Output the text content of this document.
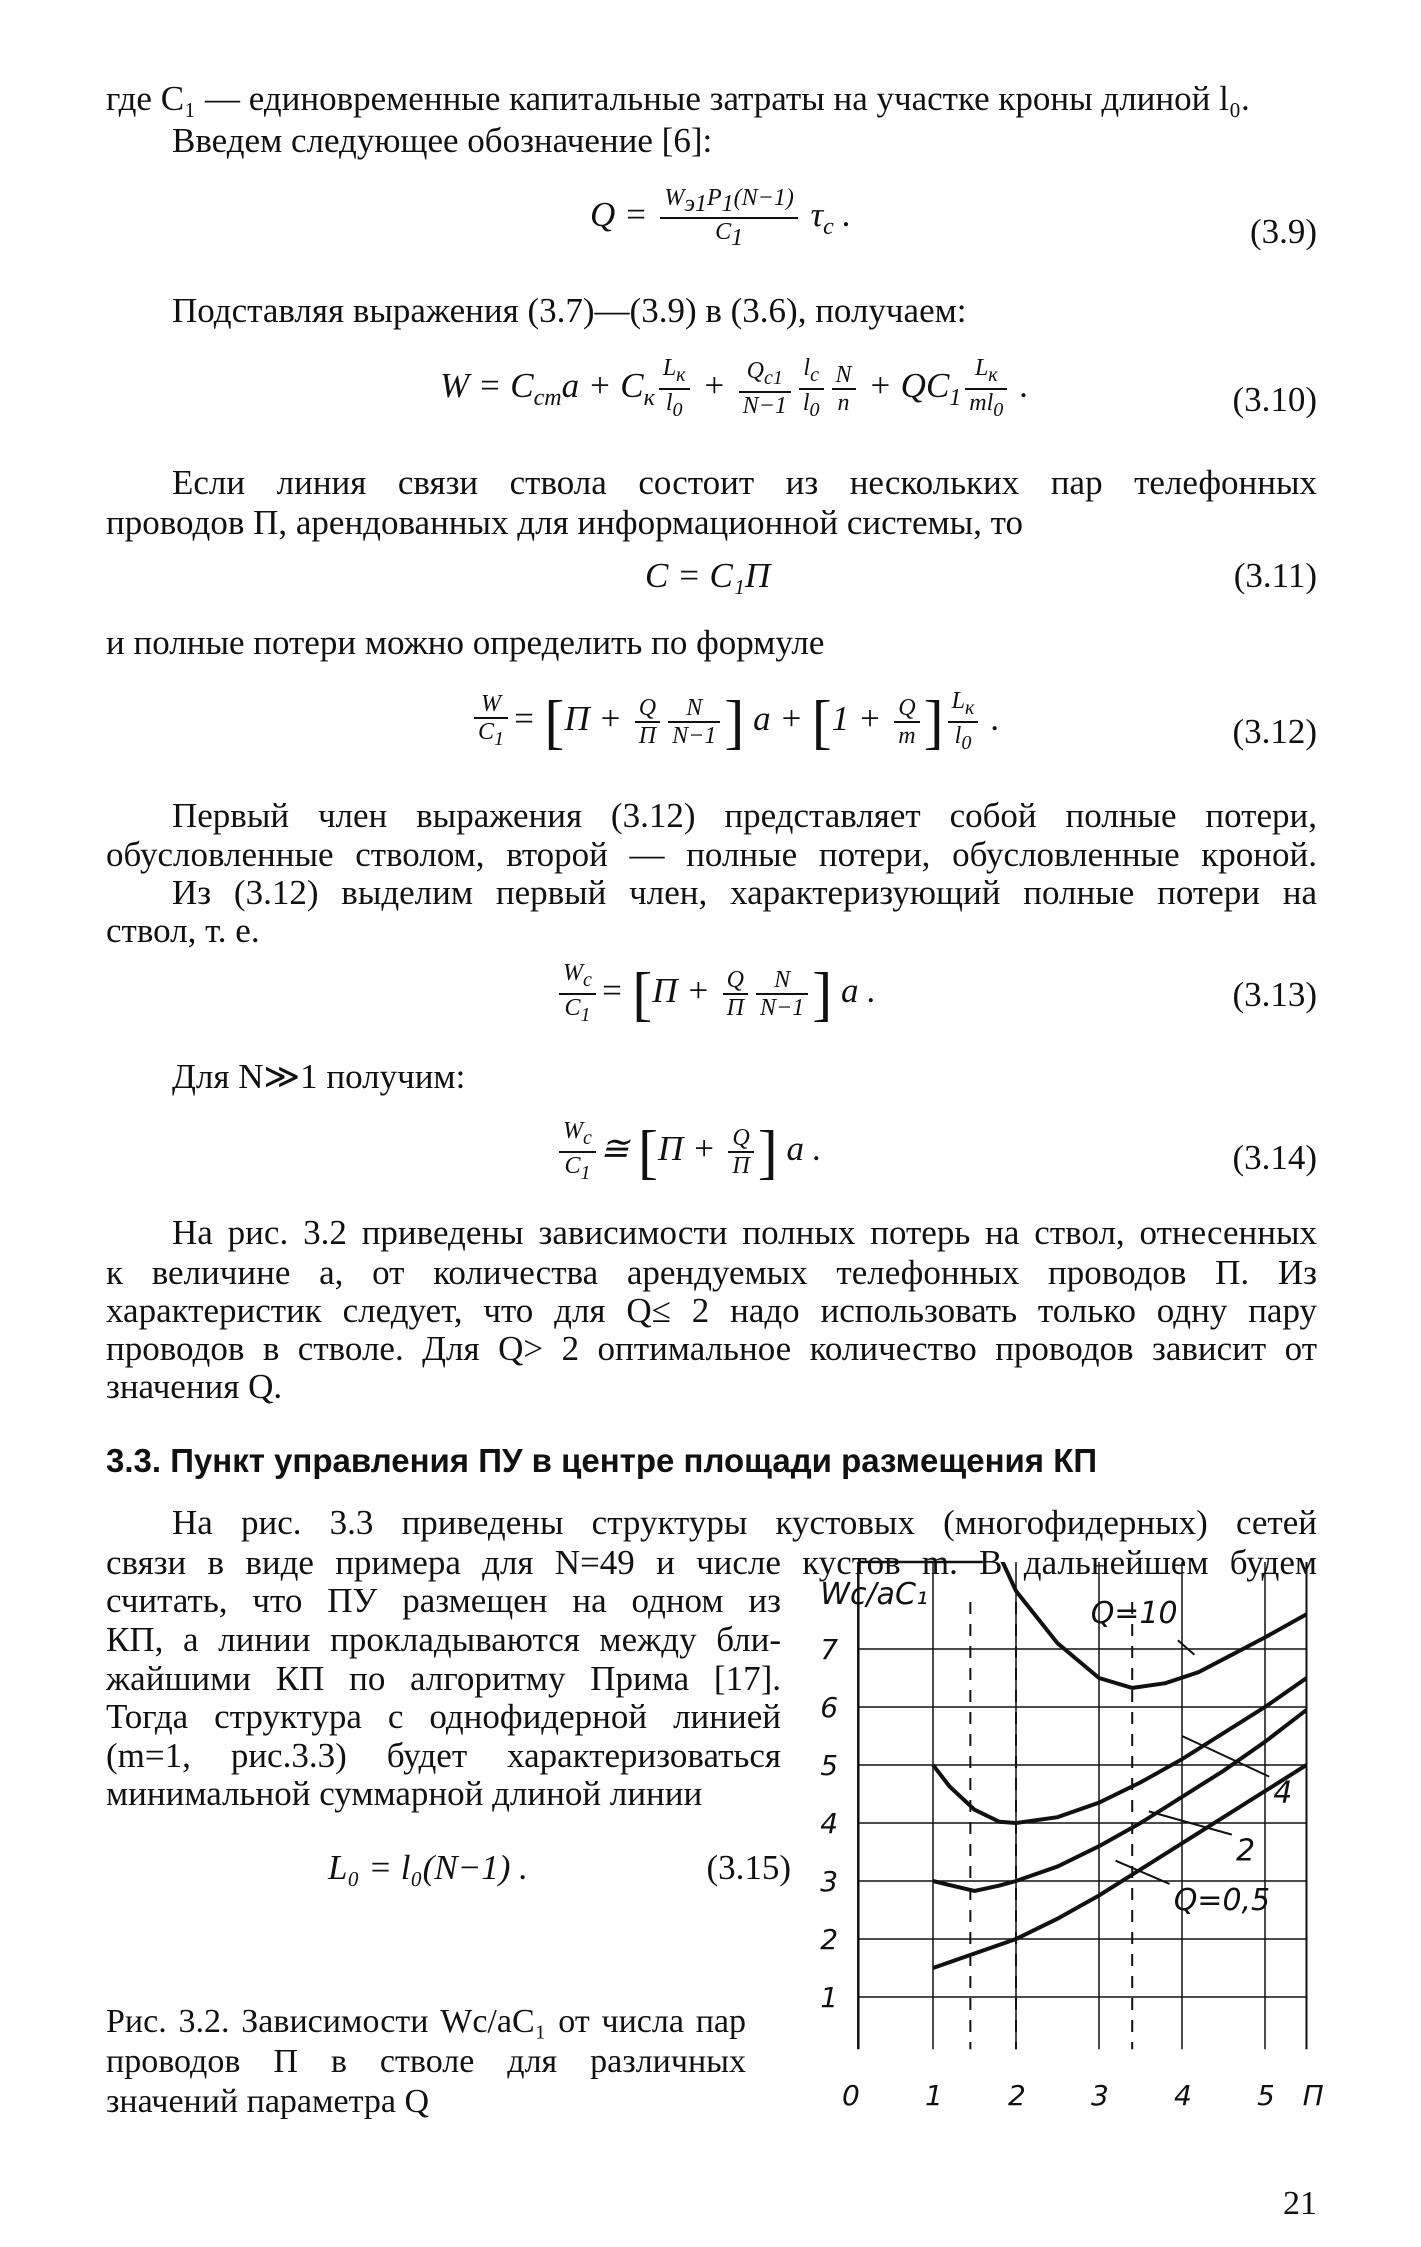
где C₁ — единовременные капитальные затраты на участке кроны длиной l₀.
Введем следующее обозначение [6]:
$Q = \frac{W_{э1}P_1(N-1)}{C_1} \tau_c$ .	(3.9)
Подставляя выражения (3.7)—(3.9) в (3.6), получаем:
$W = C_{ст}a + C_к \frac{L_к}{l_0} + \frac{Q_{c1}}{N-1} \frac{l_c}{l_0} \frac{N}{n} + QC_1 \frac{L_к}{ml_0}$ .	(3.10)
Если линия связи ствола состоит из нескольких пар телефонных
проводов П, арендованных для информационной системы, то
C = C₁П	(3.11)
и полные потери можно определить по формуле
$\frac{W}{C_1} = [П + \frac{Q}{П} \frac{N}{N-1}$ ] $a + [1 + \frac{Q}{m}$ ] $\frac{L_к}{l_0}$ .	(3.12)
Первый член выражения (3.12) представляет собой полные потери,
обусловленные стволом, второй — полные потери, обусловленные кроной.
Из (3.12) выделим первый член, характеризующий полные потери на
ствол, т. е.
$\frac{W_c}{C_1} = [П + \frac{Q}{П} \frac{N}{N-1}$ ] a .	(3.13)
Для N≫1 получим:
$\frac{W_c}{C_1}$ ≅ [$П + \frac{Q}{П}$ ] a .	(3.14)
На рис. 3.2 приведены зависимости полных потерь на ствол, отнесенных
к величине a, от количества арендуемых телефонных проводов П. Из
характеристик следует, что для Q≤ 2 надо использовать только одну пару
проводов в стволе. Для Q> 2 оптимальное количество проводов зависит от
значения Q.
3.3. Пункт управления ПУ в центре площади размещения КП
На рис. 3.3 приведены структуры кустовых (многофидерных) сетей
связи в виде примера для N=49 и числе кустов m. В дальнейшем будем
считать, что ПУ размещен на одном из
КП, а линии прокладываются между бли-
жайшими КП по алгоритму Прима [17].
Тогда структура с однофидерной линией
(m=1, рис.3.3) будет характеризоваться
минимальной суммарной длиной линии
L₀ = l₀(N−1) .	(3.15)
Рис. 3.2. Зависимости Wc/aC₁ от числа пар проводов П в стволе для различных значений параметра Q
1
2
3
4
5
6
7
0 1 2 3 4 5 П
Wc/aC₁
Q=10
4
2
Q=0,5
21
